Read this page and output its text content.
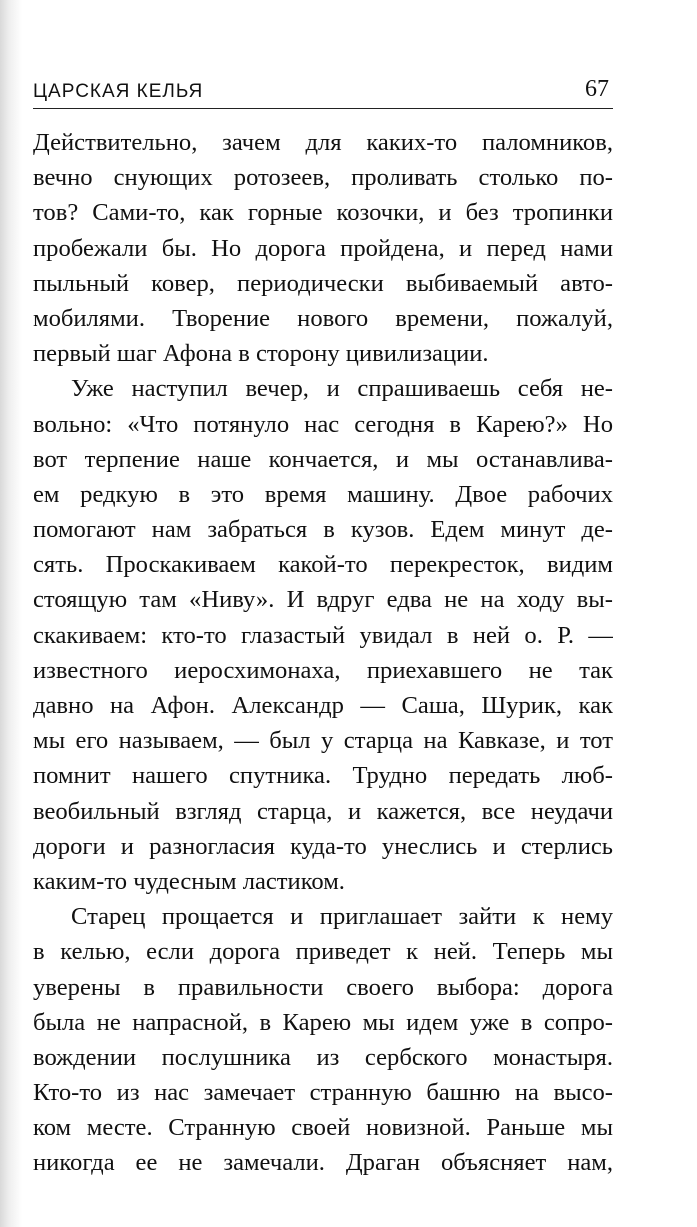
ЦАРСКАЯ КЕЛЬЯ	67

Действительно, зачем для каких-то паломников,
вечно снующих ротозеев, проливать столько по-
тов? Сами-то, как горные козочки, и без тропинки
пробежали бы. Но дорога пройдена, и перед нами
пыльный ковер, периодически выбиваемый авто-
мобилями. Творение нового времени, пожалуй,
первый шаг Афона в сторону цивилизации.

Уже наступил вечер, и спрашиваешь себя не-
вольно: «Что потянуло нас сегодня в Карею?» Но
вот терпение наше кончается, и мы останавлива-
ем редкую в это время машину. Двое рабочих
помогают нам забраться в кузов. Едем минут де-
сять. Проскакиваем какой-то перекресток, видим
стоящую там «Ниву». И вдруг едва не на ходу вы-
скакиваем: кто-то глазастый увидал в ней о. Р. —
известного иеросхимонаха, приехавшего не так
давно на Афон. Александр — Саша, Шурик, как
мы его называем, — был у старца на Кавказе, и тот
помнит нашего спутника. Трудно передать люб-
веобильный взгляд старца, и кажется, все неудачи
дороги и разногласия куда-то унеслись и стерлись
каким-то чудесным ластиком.

Старец прощается и приглашает зайти к нему
в келью, если дорога приведет к ней. Теперь мы
уверены в правильности своего выбора: дорога
была не напрасной, в Карею мы идем уже в сопро-
вождении послушника из сербского монастыря.
Кто-то из нас замечает странную башню на высо-
ком месте. Странную своей новизной. Раньше мы
никогда ее не замечали. Драган объясняет нам,
